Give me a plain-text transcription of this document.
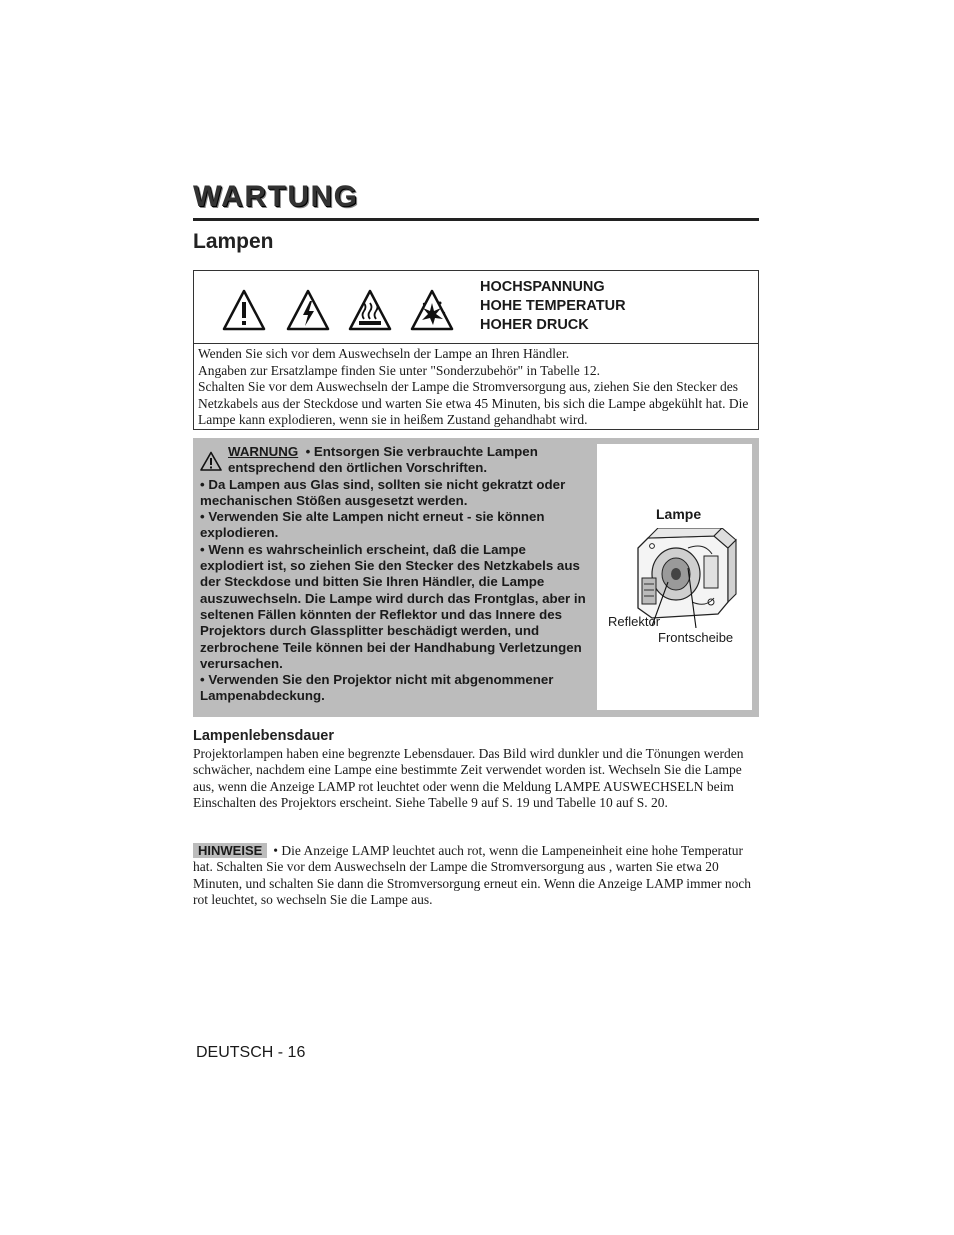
WARTUNG
Lampen
HOCHSPANNUNG
HOHE TEMPERATUR
HOHER DRUCK
Wenden Sie sich vor dem Auswechseln der Lampe an Ihren Händler.
Angaben zur Ersatzlampe finden Sie unter "Sonderzubehör" in Tabelle 12.
Schalten Sie vor dem Auswechseln der Lampe die Stromversorgung aus, ziehen Sie den Stecker des Netzkabels aus der Steckdose und warten Sie etwa 45 Minuten, bis sich die Lampe abgekühlt hat. Die Lampe kann explodieren, wenn sie in heißem Zustand gehandhabt wird.
WARNUNG • Entsorgen Sie verbrauchte Lampen entsprechend den örtlichen Vorschriften.
• Da Lampen aus Glas sind, sollten sie nicht gekratzt oder mechanischen Stößen ausgesetzt werden.
• Verwenden Sie alte Lampen nicht erneut - sie können explodieren.
• Wenn es wahrscheinlich erscheint, daß die Lampe explodiert ist, so ziehen Sie den Stecker des Netzkabels aus der Steckdose und bitten Sie Ihren Händler, die Lampe auszuwechseln. Die Lampe wird durch das Frontglas, aber in seltenen Fällen könnten der Reflektor und das Innere des Projektors durch Glassplitter beschädigt werden, und zerbrochene Teile können bei der Handhabung Verletzungen verursachen.
• Verwenden Sie den Projektor nicht mit abgenommener Lampenabdeckung.
Lampe
Reflektor
Frontscheibe
Lampenlebensdauer

Projektorlampen haben eine begrenzte Lebensdauer. Das Bild wird dunkler und die Tönungen werden schwächer, nachdem eine Lampe eine bestimmte Zeit verwendet worden ist. Wechseln Sie die Lampe aus, wenn die Anzeige LAMP rot leuchtet oder wenn die Meldung LAMPE AUSWECHSELN beim Einschalten des Projektors erscheint. Siehe Tabelle 9 auf S. 19 und Tabelle 10 auf S. 20.

HINWEISE • Die Anzeige LAMP leuchtet auch rot, wenn die Lampeneinheit eine hohe Temperatur hat. Schalten Sie vor dem Auswechseln der Lampe die Stromversorgung aus , warten Sie etwa 20 Minuten, und schalten Sie dann die Stromversorgung erneut ein. Wenn die Anzeige LAMP immer noch rot leuchtet, so wechseln Sie die Lampe aus.

DEUTSCH - 16
